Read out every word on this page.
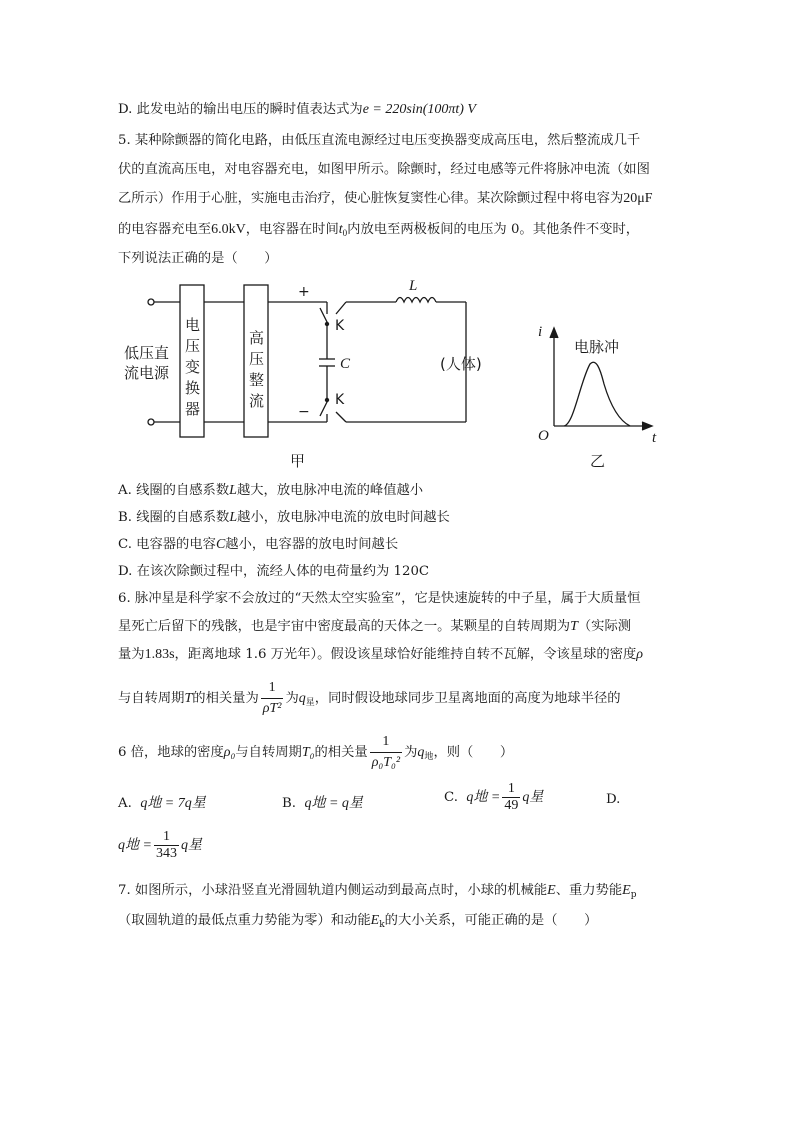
D. 此发电站的输出电压的瞬时值表达式为e = 220sin(100πt) V
5. 某种除颤器的简化电路，由低压直流电源经过电压变换器变成高压电，然后整流成几千
伏的直流高压电，对电容器充电，如图甲所示。除颤时，经过电感等元件将脉冲电流（如图
乙所示）作用于心脏，实施电击治疗，使心脏恢复窦性心律。某次除颤过程中将电容为20μF
的电容器充电至6.0kV，电容器在时间$t_0$内放电至两极板间的电压为 0。其他条件不变时，
下列说法正确的是（　　）
低压直
流电源
电
压
变
换
器
高
压
整
流
+
−
K
K
C
L
(人体)
甲
i
t
O
电脉冲
乙
A. 线圈的自感系数L越大，放电脉冲电流的峰值越小
B. 线圈的自感系数L越小，放电脉冲电流的放电时间越长
C. 电容器的电容C越小，电容器的放电时间越长
D. 在该次除颤过程中，流经人体的电荷量约为 120C
6. 脉冲星是科学家不会放过的“天然太空实验室”，它是快速旋转的中子星，属于大质量恒
星死亡后留下的残骸，也是宇宙中密度最高的天体之一。某颗星的自转周期为T（实际测
量为1.83s，距离地球 1.6 万光年）。假设该星球恰好能维持自转不瓦解，令该星球的密度ρ
与自转周期T的相关量为 $\frac{1}{\text{ρT²}}$ 为$q_星$，同时假设地球同步卫星离地面的高度为地球半径的
6 倍，地球的密度ρ₀与自转周期T₀的相关量 $\frac{1}{\text{ρ₀T₀²}}$ 为$q_地$，则（　　）
A. q地 = 7q星	B. q地 = q星	C. q地 = $\frac{1}{49}$ q星	D.
q地 = $\frac{1}{343}$ q星
7. 如图所示，小球沿竖直光滑圆轨道内侧运动到最高点时，小球的机械能E、重力势能$E_p$
（取圆轨道的最低点重力势能为零）和动能$E_k$的大小关系，可能正确的是（　　）
